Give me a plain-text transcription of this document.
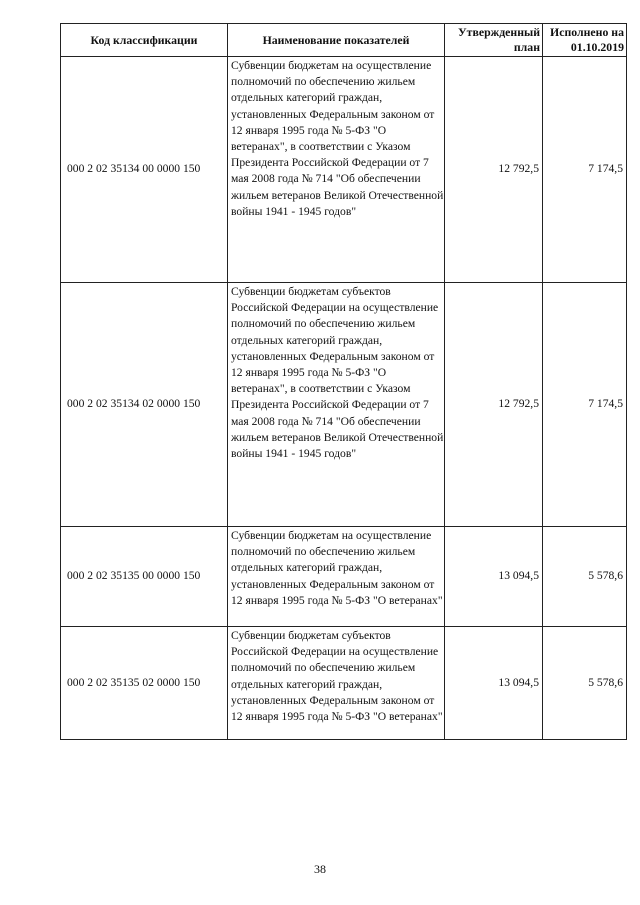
Код классификации	Наименование показателей	Утвержденный план	Исполнено на 01.10.2019
000 2 02 35134 00 0000 150	Субвенции бюджетам на осуществление полномочий по обеспечению жильем отдельных категорий граждан, установленных Федеральным законом от 12 января 1995 года № 5-ФЗ "О ветеранах", в соответствии с Указом Президента Российской Федерации от 7 мая 2008 года № 714 "Об обеспечении жильем ветеранов Великой Отечественной войны 1941 - 1945 годов"	12 792,5	7 174,5
000 2 02 35134 02 0000 150	Субвенции бюджетам субъектов Российской Федерации на осуществление полномочий по обеспечению жильем отдельных категорий граждан, установленных Федеральным законом от 12 января 1995 года № 5-ФЗ "О ветеранах", в соответствии с Указом Президента Российской Федерации от 7 мая 2008 года № 714 "Об обеспечении жильем ветеранов Великой Отечественной войны 1941 - 1945 годов"	12 792,5	7 174,5
000 2 02 35135 00 0000 150	Субвенции бюджетам на осуществление полномочий по обеспечению жильем отдельных категорий граждан, установленных Федеральным законом от 12 января 1995 года № 5-ФЗ "О ветеранах"	13 094,5	5 578,6
000 2 02 35135 02 0000 150	Субвенции бюджетам субъектов Российской Федерации на осуществление полномочий по обеспечению жильем отдельных категорий граждан, установленных Федеральным законом от 12 января 1995 года № 5-ФЗ "О ветеранах"	13 094,5	5 578,6
38
